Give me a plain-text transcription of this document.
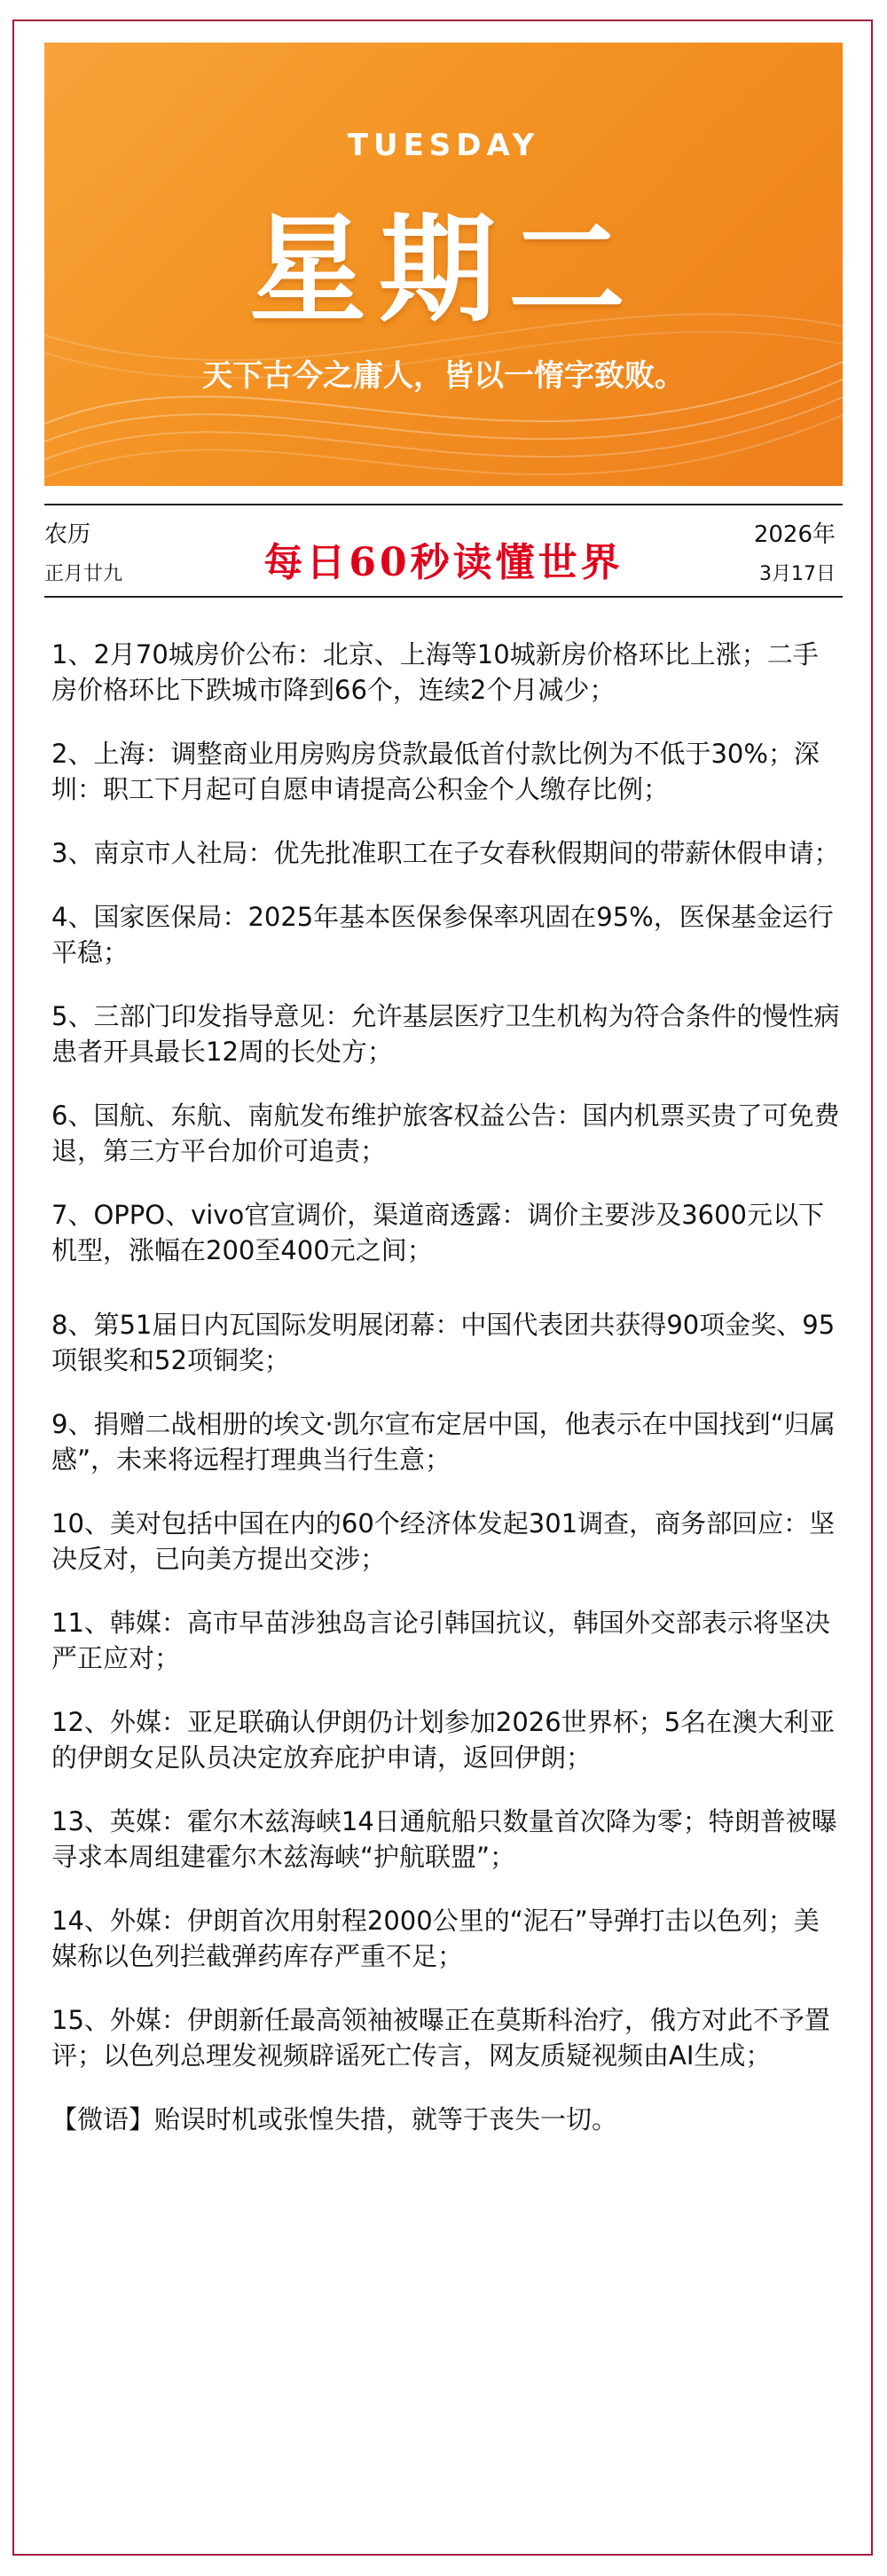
TUESDAY
星期二
天下古今之庸人，皆以一惰字致败。
农历
正月廿九	每日60秒读懂世界
2026年
3月17日

1、2月70城房价公布：北京、上海等10城新房价格环比上涨；二手房价格环比下跌城市降到66个，连续2个月减少；

2、上海：调整商业用房购房贷款最低首付款比例为不低于30%；深圳：职工下月起可自愿申请提高公积金个人缴存比例；

3、南京市人社局：优先批准职工在子女春秋假期间的带薪休假申请；

4、国家医保局：2025年基本医保参保率巩固在95%，医保基金运行平稳；

5、三部门印发指导意见：允许基层医疗卫生机构为符合条件的慢性病患者开具最长12周的长处方；

6、国航、东航、南航发布维护旅客权益公告：国内机票买贵了可免费退，第三方平台加价可追责；

7、OPPO、vivo官宣调价，渠道商透露：调价主要涉及3600元以下机型，涨幅在200至400元之间；

8、第51届日内瓦国际发明展闭幕：中国代表团共获得90项金奖、95项银奖和52项铜奖；

9、捐赠二战相册的埃文·凯尔宣布定居中国，他表示在中国找到“归属感”，未来将远程打理典当行生意；

10、美对包括中国在内的60个经济体发起301调查，商务部回应：坚决反对，已向美方提出交涉；

11、韩媒：高市早苗涉独岛言论引韩国抗议，韩国外交部表示将坚决严正应对；

12、外媒：亚足联确认伊朗仍计划参加2026世界杯；5名在澳大利亚的伊朗女足队员决定放弃庇护申请，返回伊朗；

13、英媒：霍尔木兹海峡14日通航船只数量首次降为零；特朗普被曝寻求本周组建霍尔木兹海峡“护航联盟”；

14、外媒：伊朗首次用射程2000公里的“泥石”导弹打击以色列；美媒称以色列拦截弹药库存严重不足；

15、外媒：伊朗新任最高领袖被曝正在莫斯科治疗，俄方对此不予置评；以色列总理发视频辟谣死亡传言，网友质疑视频由AI生成；

【微语】贻误时机或张惶失措，就等于丧失一切。
